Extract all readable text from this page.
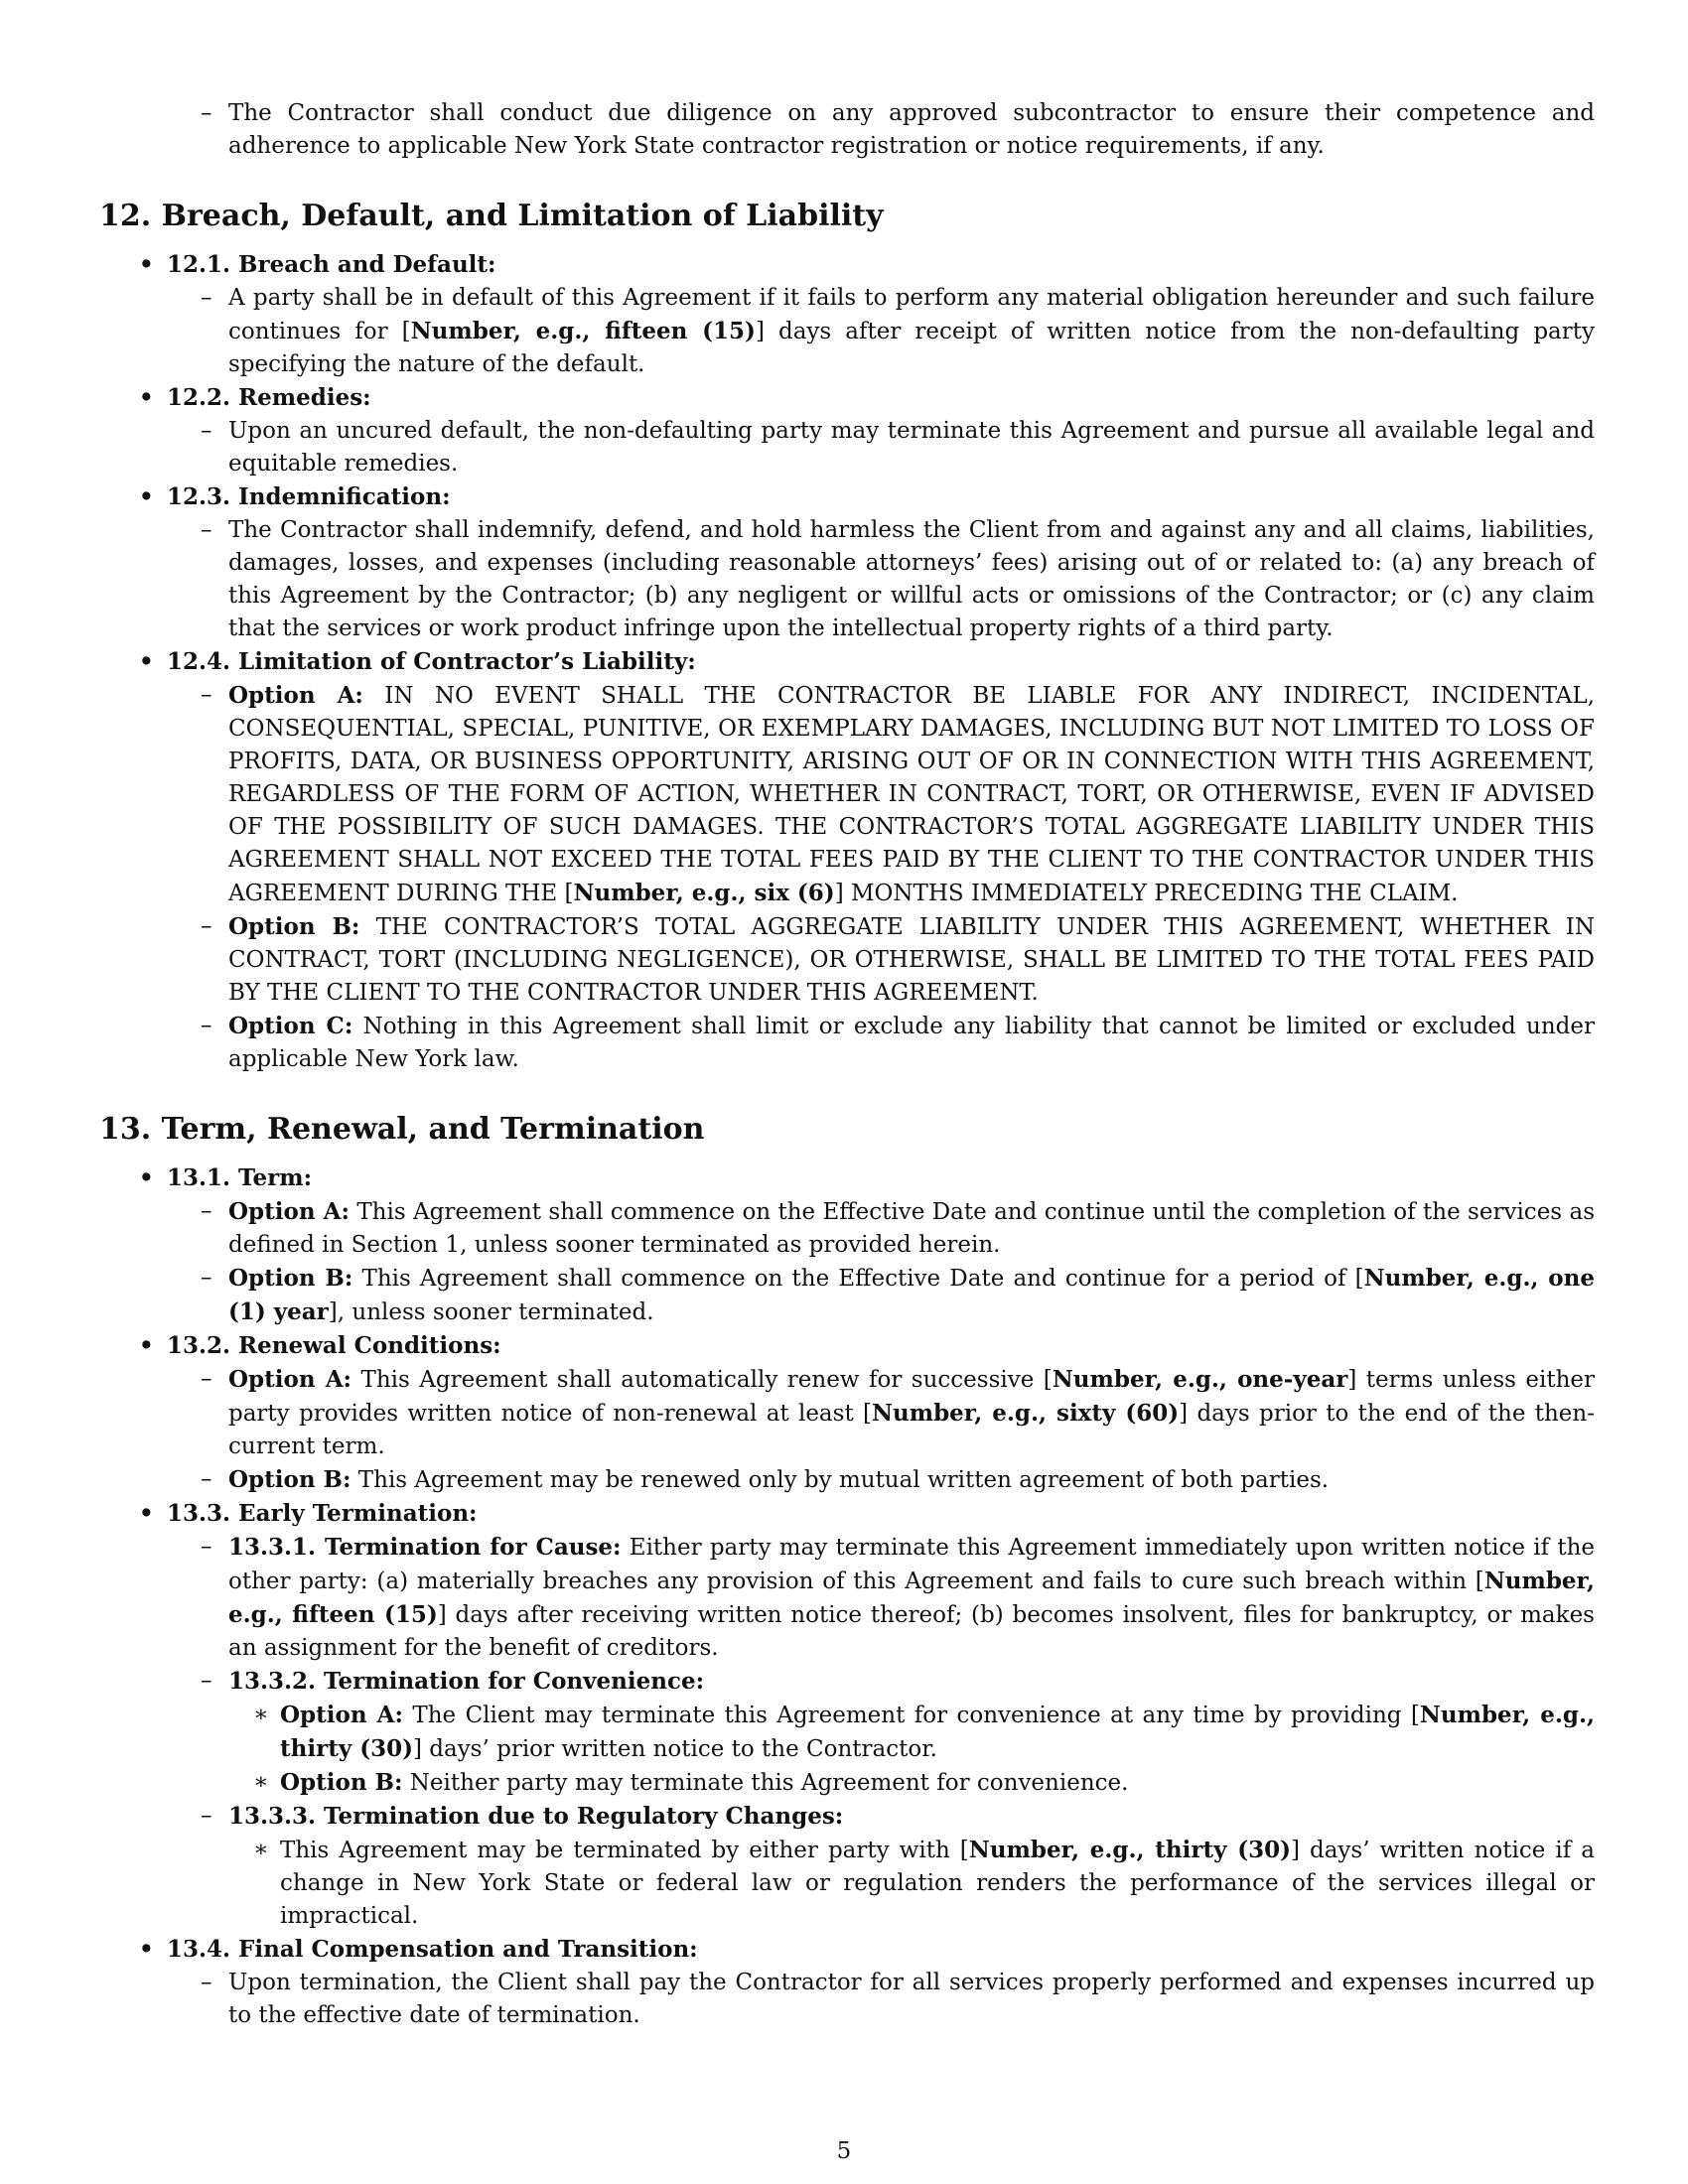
– The Contractor shall conduct due diligence on any approved subcontractor to ensure their competence and adherence to applicable New York State contractor registration or notice requirements, if any.
12. Breach, Default, and Limitation of Liability
• 12.1. Breach and Default:
– A party shall be in default of this Agreement if it fails to perform any material obligation hereunder and such failure continues for [Number, e.g., fifteen (15)] days after receipt of written notice from the non-defaulting party specifying the nature of the default.
• 12.2. Remedies:
– Upon an uncured default, the non-defaulting party may terminate this Agreement and pursue all available legal and equitable remedies.
• 12.3. Indemnification:
– The Contractor shall indemnify, defend, and hold harmless the Client from and against any and all claims, liabilities, damages, losses, and expenses (including reasonable attorneys’ fees) arising out of or related to: (a) any breach of this Agreement by the Contractor; (b) any negligent or willful acts or omissions of the Contractor; or (c) any claim that the services or work product infringe upon the intellectual property rights of a third party.
• 12.4. Limitation of Contractor’s Liability:
– Option A: IN NO EVENT SHALL THE CONTRACTOR BE LIABLE FOR ANY INDIRECT, INCIDENTAL, CONSEQUENTIAL, SPECIAL, PUNITIVE, OR EXEMPLARY DAMAGES, INCLUDING BUT NOT LIMITED TO LOSS OF PROFITS, DATA, OR BUSINESS OPPORTUNITY, ARISING OUT OF OR IN CONNECTION WITH THIS AGREEMENT, REGARDLESS OF THE FORM OF ACTION, WHETHER IN CONTRACT, TORT, OR OTHERWISE, EVEN IF ADVISED OF THE POSSIBILITY OF SUCH DAMAGES. THE CONTRACTOR’S TOTAL AGGREGATE LIABILITY UNDER THIS AGREEMENT SHALL NOT EXCEED THE TOTAL FEES PAID BY THE CLIENT TO THE CONTRACTOR UNDER THIS AGREEMENT DURING THE [Number, e.g., six (6)] MONTHS IMMEDIATELY PRECEDING THE CLAIM.
– Option B: THE CONTRACTOR’S TOTAL AGGREGATE LIABILITY UNDER THIS AGREEMENT, WHETHER IN CONTRACT, TORT (INCLUDING NEGLIGENCE), OR OTHERWISE, SHALL BE LIMITED TO THE TOTAL FEES PAID BY THE CLIENT TO THE CONTRACTOR UNDER THIS AGREEMENT.
– Option C: Nothing in this Agreement shall limit or exclude any liability that cannot be limited or excluded under applicable New York law.
13. Term, Renewal, and Termination
• 13.1. Term:
– Option A: This Agreement shall commence on the Effective Date and continue until the completion of the services as defined in Section 1, unless sooner terminated as provided herein.
– Option B: This Agreement shall commence on the Effective Date and continue for a period of [Number, e.g., one (1) year], unless sooner terminated.
• 13.2. Renewal Conditions:
– Option A: This Agreement shall automatically renew for successive [Number, e.g., one-year] terms unless either party provides written notice of non-renewal at least [Number, e.g., sixty (60)] days prior to the end of the then-current term.
– Option B: This Agreement may be renewed only by mutual written agreement of both parties.
• 13.3. Early Termination:
– 13.3.1. Termination for Cause: Either party may terminate this Agreement immediately upon written notice if the other party: (a) materially breaches any provision of this Agreement and fails to cure such breach within [Number, e.g., fifteen (15)] days after receiving written notice thereof; (b) becomes insolvent, files for bankruptcy, or makes an assignment for the benefit of creditors.
– 13.3.2. Termination for Convenience:
∗ Option A: The Client may terminate this Agreement for convenience at any time by providing [Number, e.g., thirty (30)] days’ prior written notice to the Contractor.
∗ Option B: Neither party may terminate this Agreement for convenience.
– 13.3.3. Termination due to Regulatory Changes:
∗ This Agreement may be terminated by either party with [Number, e.g., thirty (30)] days’ written notice if a change in New York State or federal law or regulation renders the performance of the services illegal or impractical.
• 13.4. Final Compensation and Transition:
– Upon termination, the Client shall pay the Contractor for all services properly performed and expenses incurred up to the effective date of termination.
5
